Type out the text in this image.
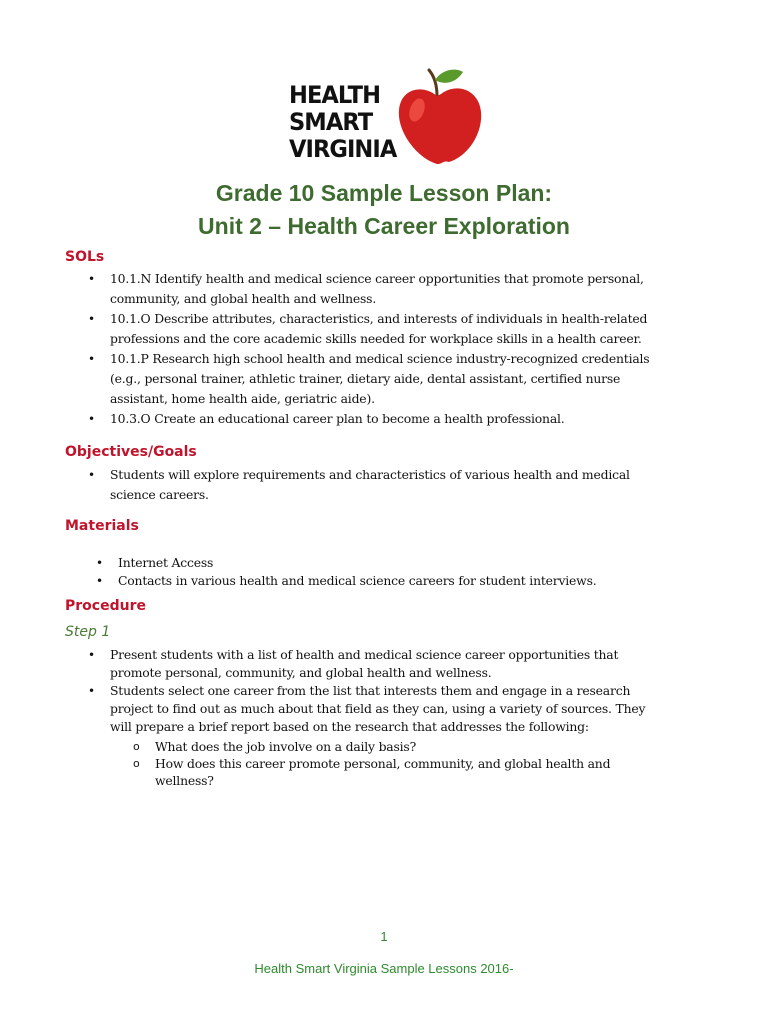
HEALTH
SMART
VIRGINIA
Grade 10 Sample Lesson Plan:
Unit 2 – Health Career Exploration
SOLs
• 10.1.N Identify health and medical science career opportunities that promote personal, community, and global health and wellness.
• 10.1.O Describe attributes, characteristics, and interests of individuals in health-related professions and the core academic skills needed for workplace skills in a health career.
• 10.1.P Research high school health and medical science industry-recognized credentials (e.g., personal trainer, athletic trainer, dietary aide, dental assistant, certified nurse assistant, home health aide, geriatric aide).
• 10.3.O Create an educational career plan to become a health professional.
Objectives/Goals
• Students will explore requirements and characteristics of various health and medical science careers.
Materials
• Internet Access
• Contacts in various health and medical science careers for student interviews.
Procedure
Step 1
• Present students with a list of health and medical science career opportunities that promote personal, community, and global health and wellness.
• Students select one career from the list that interests them and engage in a research project to find out as much about that field as they can, using a variety of sources. They will prepare a brief report based on the research that addresses the following:
o What does the job involve on a daily basis?
o How does this career promote personal, community, and global health and wellness?
1
Health Smart Virginia Sample Lessons 2016-
